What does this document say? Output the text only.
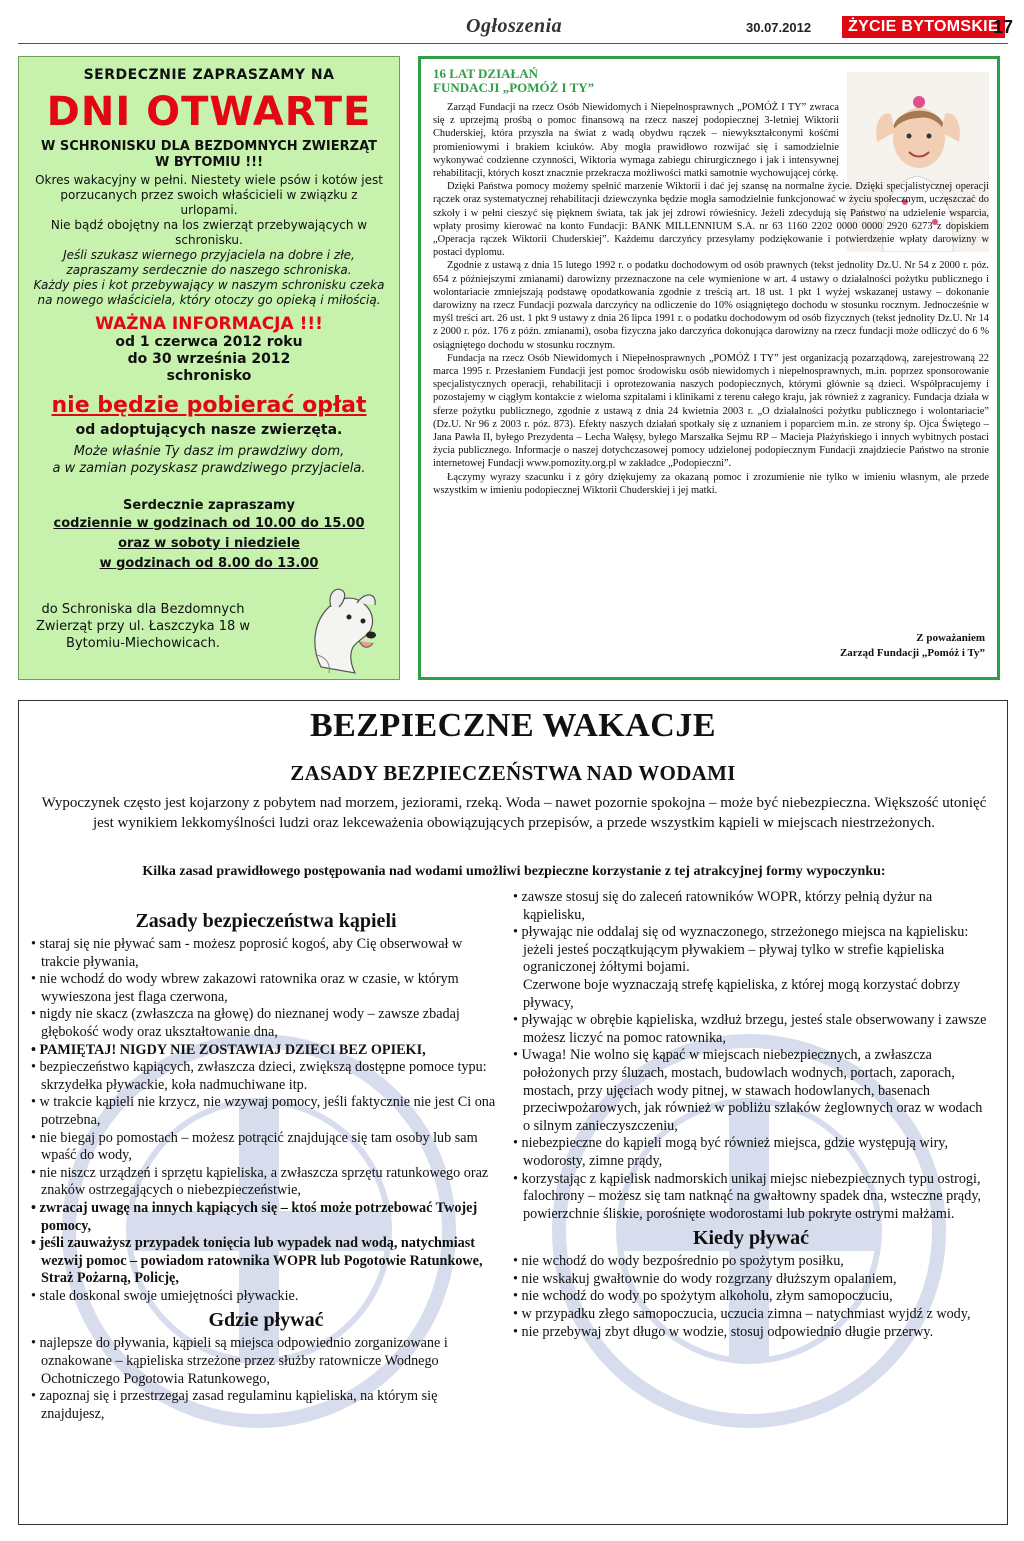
Ogłoszenia	30.07.2012	ŻYCIE BYTOMSKIE
17
SERDECZNIE ZAPRASZAMY NA
DNI OTWARTE
W SCHRONISKU DLA BEZDOMNYCH ZWIERZĄT W BYTOMIU !!!
Okres wakacyjny w pełni. Niestety wiele psów i kotów jest porzucanych przez swoich właścicieli w związku z urlopami.
Nie bądź obojętny na los zwierząt przebywających w schronisku.
Jeśli szukasz wiernego przyjaciela na dobre i złe, zapraszamy serdecznie do naszego schroniska.
Każdy pies i kot przebywający w naszym schronisku czeka na nowego właściciela, który otoczy go opieką i miłością.
WAŻNA INFORMACJA !!!
od 1 czerwca 2012 roku
do 30 września 2012
schronisko
nie będzie pobierać opłat
od adoptujących nasze zwierzęta.
Może właśnie Ty dasz im prawdziwy dom,
a w zamian pozyskasz prawdziwego przyjaciela.
Serdecznie zapraszamy
codziennie w godzinach od 10.00 do 15.00
oraz w soboty i niedziele
w godzinach od 8.00 do 13.00
do Schroniska dla Bezdomnych Zwierząt przy ul. Łaszczyka 18 w Bytomiu-Miechowicach.
16 LAT DZIAŁAŃ
FUNDACJI „POMÓŻ I TY”

Zarząd Fundacji na rzecz Osób Niewidomych i Niepełnosprawnych „POMÓŻ I TY” zwraca się z uprzejmą prośbą o pomoc finansową na rzecz naszej podopiecznej 3-letniej Wiktorii Chuderskiej, która przyszła na świat z wadą obydwu rączek – niewykształconymi kośćmi promieniowymi i brakiem kciuków. Aby mogła prawidłowo rozwijać się i samodzielnie wykonywać codzienne czynności, Wiktoria wymaga zabiegu chirurgicznego i jak i intensywnej rehabilitacji, których koszt znacznie przekracza możliwości matki samotnie wychowującej córkę.

Dzięki Państwa pomocy możemy spełnić marzenie Wiktorii i dać jej szansę na normalne życie. Dzięki specjalistycznej operacji rączek oraz systematycznej rehabilitacji dziewczynka będzie mogła samodzielnie funkcjonować w życiu społecznym, uczęszczać do szkoły i w pełni cieszyć się pięknem świata, tak jak jej zdrowi rówieśnicy. Jeżeli zdecydują się Państwo na udzielenie wsparcia, wpłaty prosimy kierować na konto Fundacji: BANK MILLENNIUM S.A. nr 63 1160 2202 0000 0000 2920 6273 z dopiskiem „Operacja rączek Wiktorii Chuderskiej”. Każdemu darczyńcy przesyłamy podziękowanie i potwierdzenie wpłaty darowizny w postaci dyplomu.

Zgodnie z ustawą z dnia 15 lutego 1992 r. o podatku dochodowym od osób prawnych (tekst jednolity Dz.U. Nr 54 z 2000 r. póz. 654 z późniejszymi zmianami) darowizny przeznaczone na cele wymienione w art. 4 ustawy o działalności pożytku publicznego i wolontariacie zmniejszają podstawę opodatkowania zgodnie z treścią art. 18 ust. 1 pkt 1 wyżej wskazanej ustawy – dokonanie darowizny na rzecz Fundacji pozwala darczyńcy na odliczenie do 10% osiągniętego dochodu w stosunku rocznym. Jednocześnie w myśl treści art. 26 ust. 1 pkt 9 ustawy z dnia 26 lipca 1991 r. o podatku dochodowym od osób fizycznych (tekst jednolity Dz.U. Nr 14 z 2000 r. póz. 176 z późn. zmianami), osoba fizyczna jako darczyńca dokonująca darowizny na rzecz fundacji może odliczyć do 6 % osiągniętego dochodu w stosunku rocznym.

Fundacja na rzecz Osób Niewidomych i Niepełnosprawnych „POMÓŻ I TY” jest organizacją pozarządową, zarejestrowaną 22 marca 1995 r. Przesłaniem Fundacji jest pomoc środowisku osób niewidomych i niepełnosprawnych, m.in. poprzez sponsorowanie specjalistycznych operacji, rehabilitacji i oprotezowania naszych podopiecznych, którymi głównie są dzieci. Współpracujemy i pozostajemy w ciągłym kontakcie z wieloma szpitalami i klinikami z terenu całego kraju, jak również z zagranicy. Fundacja działa w sferze pożytku publicznego, zgodnie z ustawą z dnia 24 kwietnia 2003 r. „O działalności pożytku publicznego i wolontariacie” (Dz.U. Nr 96 z 2003 r. póz. 873). Efekty naszych działań spotkały się z uznaniem i poparciem m.in. ze strony śp. Ojca Świętego – Jana Pawła II, byłego Prezydenta – Lecha Wałęsy, byłego Marszałka Sejmu RP – Macieja Płażyńskiego i innych wybitnych postaci życia publicznego. Informacje o naszej dotychczasowej pomocy udzielonej podopiecznym Fundacji znajdziecie Państwo na stronie internetowej Fundacji www.pomozity.org.pl w zakładce „Podopieczni”.

Łączymy wyrazy szacunku i z góry dziękujemy za okazaną pomoc i zrozumienie nie tylko w imieniu własnym, ale przede wszystkim w imieniu podopiecznej Wiktorii Chuderskiej i jej matki.

Z poważaniem
Zarząd Fundacji „Pomóż i Ty”
BEZPIECZNE WAKACJE
ZASADY BEZPIECZEŃSTWA NAD WODAMI
Wypoczynek często jest kojarzony z pobytem nad morzem, jeziorami, rzeką. Woda – nawet pozornie spokojna – może być niebezpieczna. Większość utonięć jest wynikiem lekkomyślności ludzi oraz lekceważenia obowiązujących przepisów, a przede wszystkim kąpieli w miejscach niestrzeżonych.
Kilka zasad prawidłowego postępowania nad wodami umożliwi bezpieczne korzystanie z tej atrakcyjnej formy wypoczynku:
Zasady bezpieczeństwa kąpieli
• staraj się nie pływać sam - możesz poprosić kogoś, aby Cię obserwował w trakcie pływania,
• nie wchodź do wody wbrew zakazowi ratownika oraz w czasie, w którym wywieszona jest flaga czerwona,
• nigdy nie skacz (zwłaszcza na głowę) do nieznanej wody – zawsze zbadaj głębokość wody oraz ukształtowanie dna,
• PAMIĘTAJ! NIGDY NIE ZOSTAWIAJ DZIECI BEZ OPIEKI,
• bezpieczeństwo kąpiących, zwłaszcza dzieci, zwiększą dostępne pomoce typu: skrzydełka pływackie, koła nadmuchiwane itp.
• w trakcie kąpieli nie krzycz, nie wzywaj pomocy, jeśli faktycznie nie jest Ci ona potrzebna,
• nie biegaj po pomostach – możesz potrącić znajdujące się tam osoby lub sam wpaść do wody,
• nie niszcz urządzeń i sprzętu kąpieliska, a zwłaszcza sprzętu ratunkowego oraz znaków ostrzegających o niebezpieczeństwie,
• zwracaj uwagę na innych kąpiących się – ktoś może potrzebować Twojej pomocy,
• jeśli zauważysz przypadek tonięcia lub wypadek nad wodą, natychmiast wezwij pomoc – powiadom ratownika WOPR lub Pogotowie Ratunkowe, Straż Pożarną, Policję,
• stale doskonal swoje umiejętności pływackie.
Gdzie pływać
• najlepsze do pływania, kąpieli są miejsca odpowiednio zorganizowane i oznakowane – kąpieliska strzeżone przez służby ratownicze Wodnego Ochotniczego Pogotowia Ratunkowego,
• zapoznaj się i przestrzegaj zasad regulaminu kąpieliska, na którym się znajdujesz,
• zawsze stosuj się do zaleceń ratowników WOPR, którzy pełnią dyżur na kąpielisku,
• pływając nie oddalaj się od wyznaczonego, strzeżonego miejsca na kąpielisku:
jeżeli jesteś początkującym pływakiem – pływaj tylko w strefie kąpieliska ograniczonej żółtymi bojami.
Czerwone boje wyznaczają strefę kąpieliska, z której mogą korzystać dobrzy pływacy,
• pływając w obrębie kąpieliska, wzdłuż brzegu, jesteś stale obserwowany i zawsze możesz liczyć na pomoc ratownika,
• Uwaga! Nie wolno się kąpać w miejscach niebezpiecznych, a zwłaszcza położonych przy śluzach, mostach, budowlach wodnych, portach, zaporach, mostach, przy ujęciach wody pitnej, w stawach hodowlanych, basenach przeciwpożarowych, jak również w pobliżu szlaków żeglownych oraz w wodach o silnym zanieczyszczeniu,
• niebezpieczne do kąpieli mogą być również miejsca, gdzie występują wiry, wodorosty, zimne prądy,
• korzystając z kąpielisk nadmorskich unikaj miejsc niebezpiecznych typu ostrogi, falochrony – możesz się tam natknąć na gwałtowny spadek dna, wsteczne prądy, powierzchnie śliskie, porośnięte wodorostami lub pokryte ostrymi małżami.
Kiedy pływać
• nie wchodź do wody bezpośrednio po spożytym posiłku,
• nie wskakuj gwałtownie do wody rozgrzany dłuższym opalaniem,
• nie wchodź do wody po spożytym alkoholu, złym samopoczuciu,
• w przypadku złego samopoczucia, uczucia zimna – natychmiast wyjdź z wody,
• nie przebywaj zbyt długo w wodzie, stosuj odpowiednio długie przerwy.
